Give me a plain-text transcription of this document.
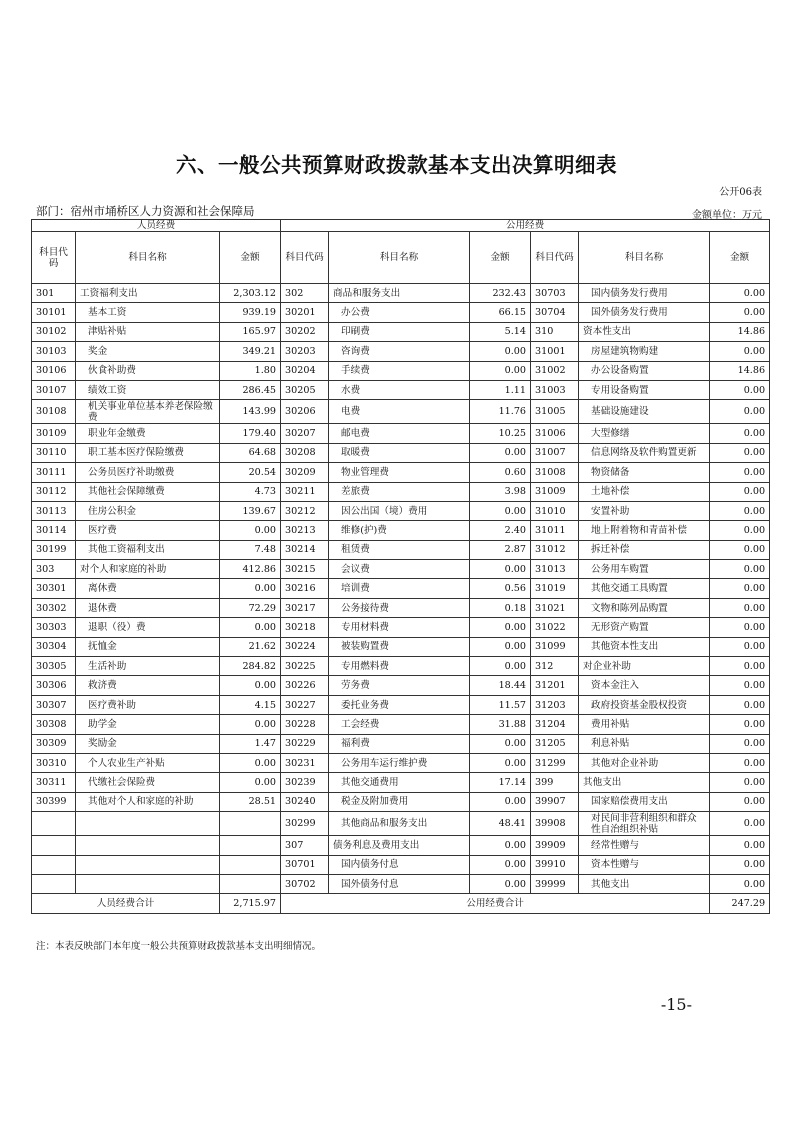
六、一般公共预算财政拨款基本支出决算明细表
公开06表
部门：宿州市埇桥区人力资源和社会保障局	金额单位：万元
人员经费			公用经费					
科目代码	科目名称	金额	科目代码	科目名称	金额	科目代码	科目名称	金额
301	工资福利支出	2,303.12	302	商品和服务支出	232.43	30703	国内债务发行费用	0.00
30101	基本工资	939.19	30201	办公费	66.15	30704	国外债务发行费用	0.00
30102	津贴补贴	165.97	30202	印刷费	5.14	310	资本性支出	14.86
30103	奖金	349.21	30203	咨询费	0.00	31001	房屋建筑物购建	0.00
30106	伙食补助费	1.80	30204	手续费	0.00	31002	办公设备购置	14.86
30107	绩效工资	286.45	30205	水费	1.11	31003	专用设备购置	0.00
30108	机关事业单位基本养老保险缴费	143.99	30206	电费	11.76	31005	基础设施建设	0.00
30109	职业年金缴费	179.40	30207	邮电费	10.25	31006	大型修缮	0.00
30110	职工基本医疗保险缴费	64.68	30208	取暖费	0.00	31007	信息网络及软件购置更新	0.00
30111	公务员医疗补助缴费	20.54	30209	物业管理费	0.60	31008	物资储备	0.00
30112	其他社会保障缴费	4.73	30211	差旅费	3.98	31009	土地补偿	0.00
30113	住房公积金	139.67	30212	因公出国（境）费用	0.00	31010	安置补助	0.00
30114	医疗费	0.00	30213	维修(护)费	2.40	31011	地上附着物和青苗补偿	0.00
30199	其他工资福利支出	7.48	30214	租赁费	2.87	31012	拆迁补偿	0.00
303	对个人和家庭的补助	412.86	30215	会议费	0.00	31013	公务用车购置	0.00
30301	离休费	0.00	30216	培训费	0.56	31019	其他交通工具购置	0.00
30302	退休费	72.29	30217	公务接待费	0.18	31021	文物和陈列品购置	0.00
30303	退职（役）费	0.00	30218	专用材料费	0.00	31022	无形资产购置	0.00
30304	抚恤金	21.62	30224	被装购置费	0.00	31099	其他资本性支出	0.00
30305	生活补助	284.82	30225	专用燃料费	0.00	312	对企业补助	0.00
30306	救济费	0.00	30226	劳务费	18.44	31201	资本金注入	0.00
30307	医疗费补助	4.15	30227	委托业务费	11.57	31203	政府投资基金股权投资	0.00
30308	助学金	0.00	30228	工会经费	31.88	31204	费用补贴	0.00
30309	奖励金	1.47	30229	福利费	0.00	31205	利息补贴	0.00
30310	个人农业生产补贴	0.00	30231	公务用车运行维护费	0.00	31299	其他对企业补助	0.00
30311	代缴社会保险费	0.00	30239	其他交通费用	17.14	399	其他支出	0.00
30399	其他对个人和家庭的补助	28.51	30240	税金及附加费用	0.00	39907	国家赔偿费用支出	0.00
			30299	其他商品和服务支出	48.41	39908	对民间非营利组织和群众性自治组织补贴	0.00
			307	债务利息及费用支出	0.00	39909	经常性赠与	0.00
			30701	国内债务付息	0.00	39910	资本性赠与	0.00
			30702	国外债务付息	0.00	39999	其他支出	0.00
人员经费合计		2,715.97	公用经费合计					247.29
注：本表反映部门本年度一般公共预算财政拨款基本支出明细情况。
-15-
